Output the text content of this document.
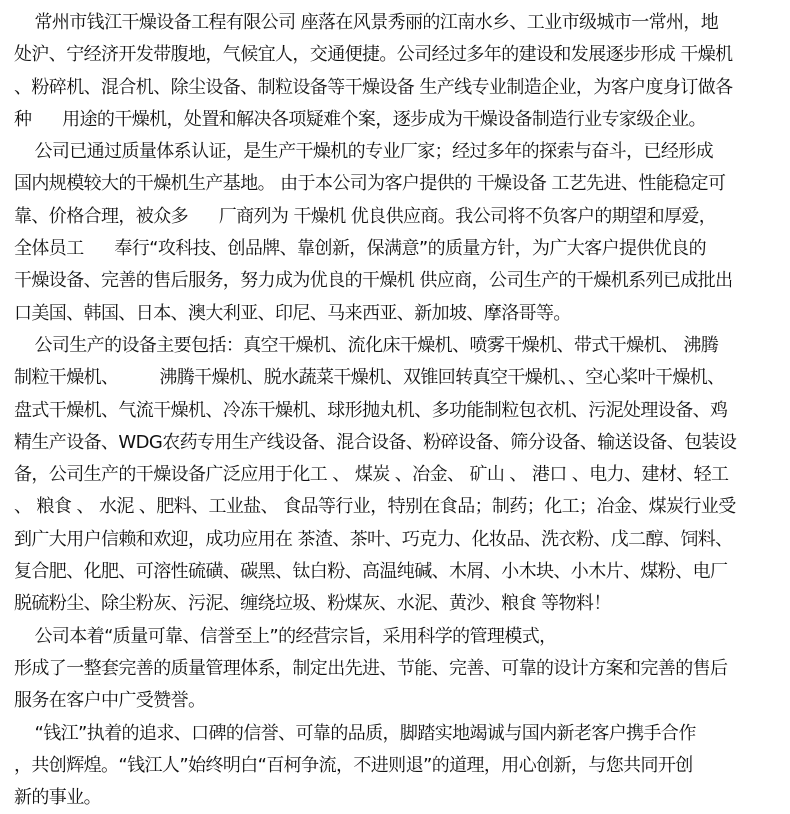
常州市钱江干燥设备工程有限公司 座落在风景秀丽的江南水乡、工业市级城市一常州，地
处沪、宁经济开发带腹地，气候宜人，交通便捷。公司经过多年的建设和发展逐步形成 干燥机
、粉碎机、混合机、除尘设备、制粒设备等干燥设备 生产线专业制造企业，为客户度身订做各
种      用途的干燥机，处置和解决各项疑难个案，逐步成为干燥设备制造行业专家级企业。
公司已通过质量体系认证，是生产干燥机的专业厂家；经过多年的探索与奋斗，已经形成
国内规模较大的干燥机生产基地。 由于本公司为客户提供的 干燥设备 工艺先进、性能稳定可
靠、价格合理，被众多      厂商列为 干燥机 优良供应商。我公司将不负客户的期望和厚爱，
全体员工      奉行“攻科技、创品牌、靠创新，保满意”的质量方针，为广大客户提供优良的
干燥设备、完善的售后服务，努力成为优良的干燥机 供应商，公司生产的干燥机系列已成批出
口美国、韩国、日本、澳大利亚、印尼、马来西亚、新加坡、摩洛哥等。
公司生产的设备主要包括：真空干燥机、流化床干燥机、喷雾干燥机、带式干燥机、 沸腾
制粒干燥机、        沸腾干燥机、脱水蔬菜干燥机、双锥回转真空干燥机、、空心桨叶干燥机、
盘式干燥机、气流干燥机、冷冻干燥机、球形抛丸机、多功能制粒包衣机、污泥处理设备、鸡
精生产设备、WDG农药专用生产线设备、混合设备、粉碎设备、筛分设备、输送设备、包装设
备，公司生产的干燥设备广泛应用于化工 、 煤炭 、冶金、 矿山 、 港口 、电力、建材、轻工
、 粮食 、 水泥 、肥料、工业盐、 食品等行业，特别在食品；制药；化工；冶金、煤炭行业受
到广大用户信赖和欢迎，成功应用在 茶渣、茶叶、巧克力、化妆品、洗衣粉、戊二醇、饲料、
复合肥、化肥、可溶性硫磺、碳黑、钛白粉、高温纯碱、木屑、小木块、小木片、煤粉、电厂
脱硫粉尘、除尘粉灰、污泥、缠绕垃圾、粉煤灰、水泥、黄沙、粮食 等物料！
公司本着“质量可靠、信誉至上”的经营宗旨，采用科学的管理模式，
形成了一整套完善的质量管理体系，制定出先进、节能、完善、可靠的设计方案和完善的售后
服务在客户中广受赞誉。
“钱江”执着的追求、口碑的信誉、可靠的品质，脚踏实地竭诚与国内新老客户携手合作
，共创辉煌。“钱江人”始终明白“百柯争流，不进则退”的道理，用心创新，与您共同开创
新的事业。
